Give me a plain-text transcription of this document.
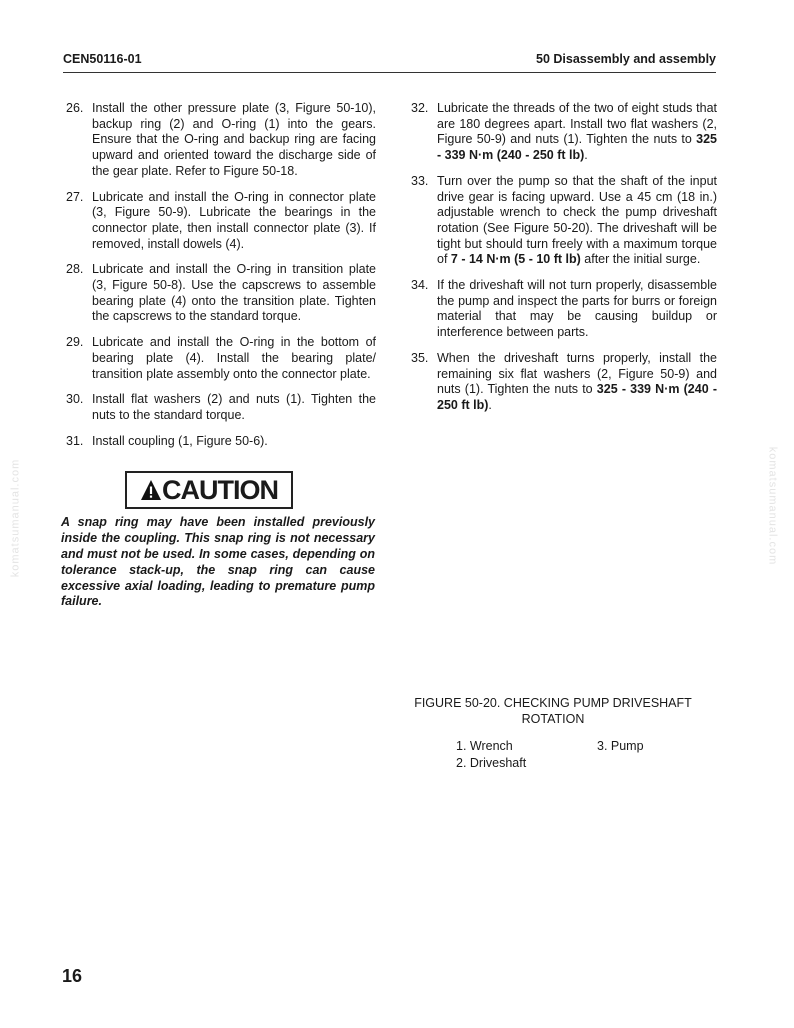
CEN50116-01	50 Disassembly and assembly
komatsumanual.com	komatsumanual.com
26. Install the other pressure plate (3, Figure 50-10), backup ring (2) and O-ring (1) into the gears. Ensure that the O-ring and backup ring are facing upward and oriented toward the discharge side of the gear plate. Refer to Figure 50-18.
27. Lubricate and install the O-ring in connector plate (3, Figure 50-9). Lubricate the bearings in the connector plate, then install connector plate (3). If removed, install dowels (4).
28. Lubricate and install the O-ring in transition plate (3, Figure 50-8). Use the capscrews to assemble bearing plate (4) onto the transition plate. Tighten the capscrews to the standard torque.
29. Lubricate and install the O-ring in the bottom of bearing plate (4). Install the bearing plate/ transition plate assembly onto the connector plate.
30. Install flat washers (2) and nuts (1). Tighten the nuts to the standard torque.
31. Install coupling (1, Figure 50-6).
CAUTION
A snap ring may have been installed previously inside the coupling. This snap ring is not necessary and must not be used. In some cases, depending on tolerance stack-up, the snap ring can cause excessive axial loading, leading to premature pump failure.
32. Lubricate the threads of the two of eight studs that are 180 degrees apart. Install two flat washers (2, Figure 50-9) and nuts (1). Tighten the nuts to 325 - 339 N·m (240 - 250 ft lb).
33. Turn over the pump so that the shaft of the input drive gear is facing upward. Use a 45 cm (18 in.) adjustable wrench to check the pump driveshaft rotation (See Figure 50-20). The driveshaft will be tight but should turn freely with a maximum torque of 7 - 14 N·m (5 - 10 ft lb) after the initial surge.
34. If the driveshaft will not turn properly, disassemble the pump and inspect the parts for burrs or foreign material that may be causing buildup or interference between parts.
35. When the driveshaft turns properly, install the remaining six flat washers (2, Figure 50-9) and nuts (1). Tighten the nuts to 325 - 339 N·m (240 - 250 ft lb).
FIGURE 50-20. CHECKING PUMP DRIVESHAFT
ROTATION
1. Wrench
2. Driveshaft
3. Pump
16
